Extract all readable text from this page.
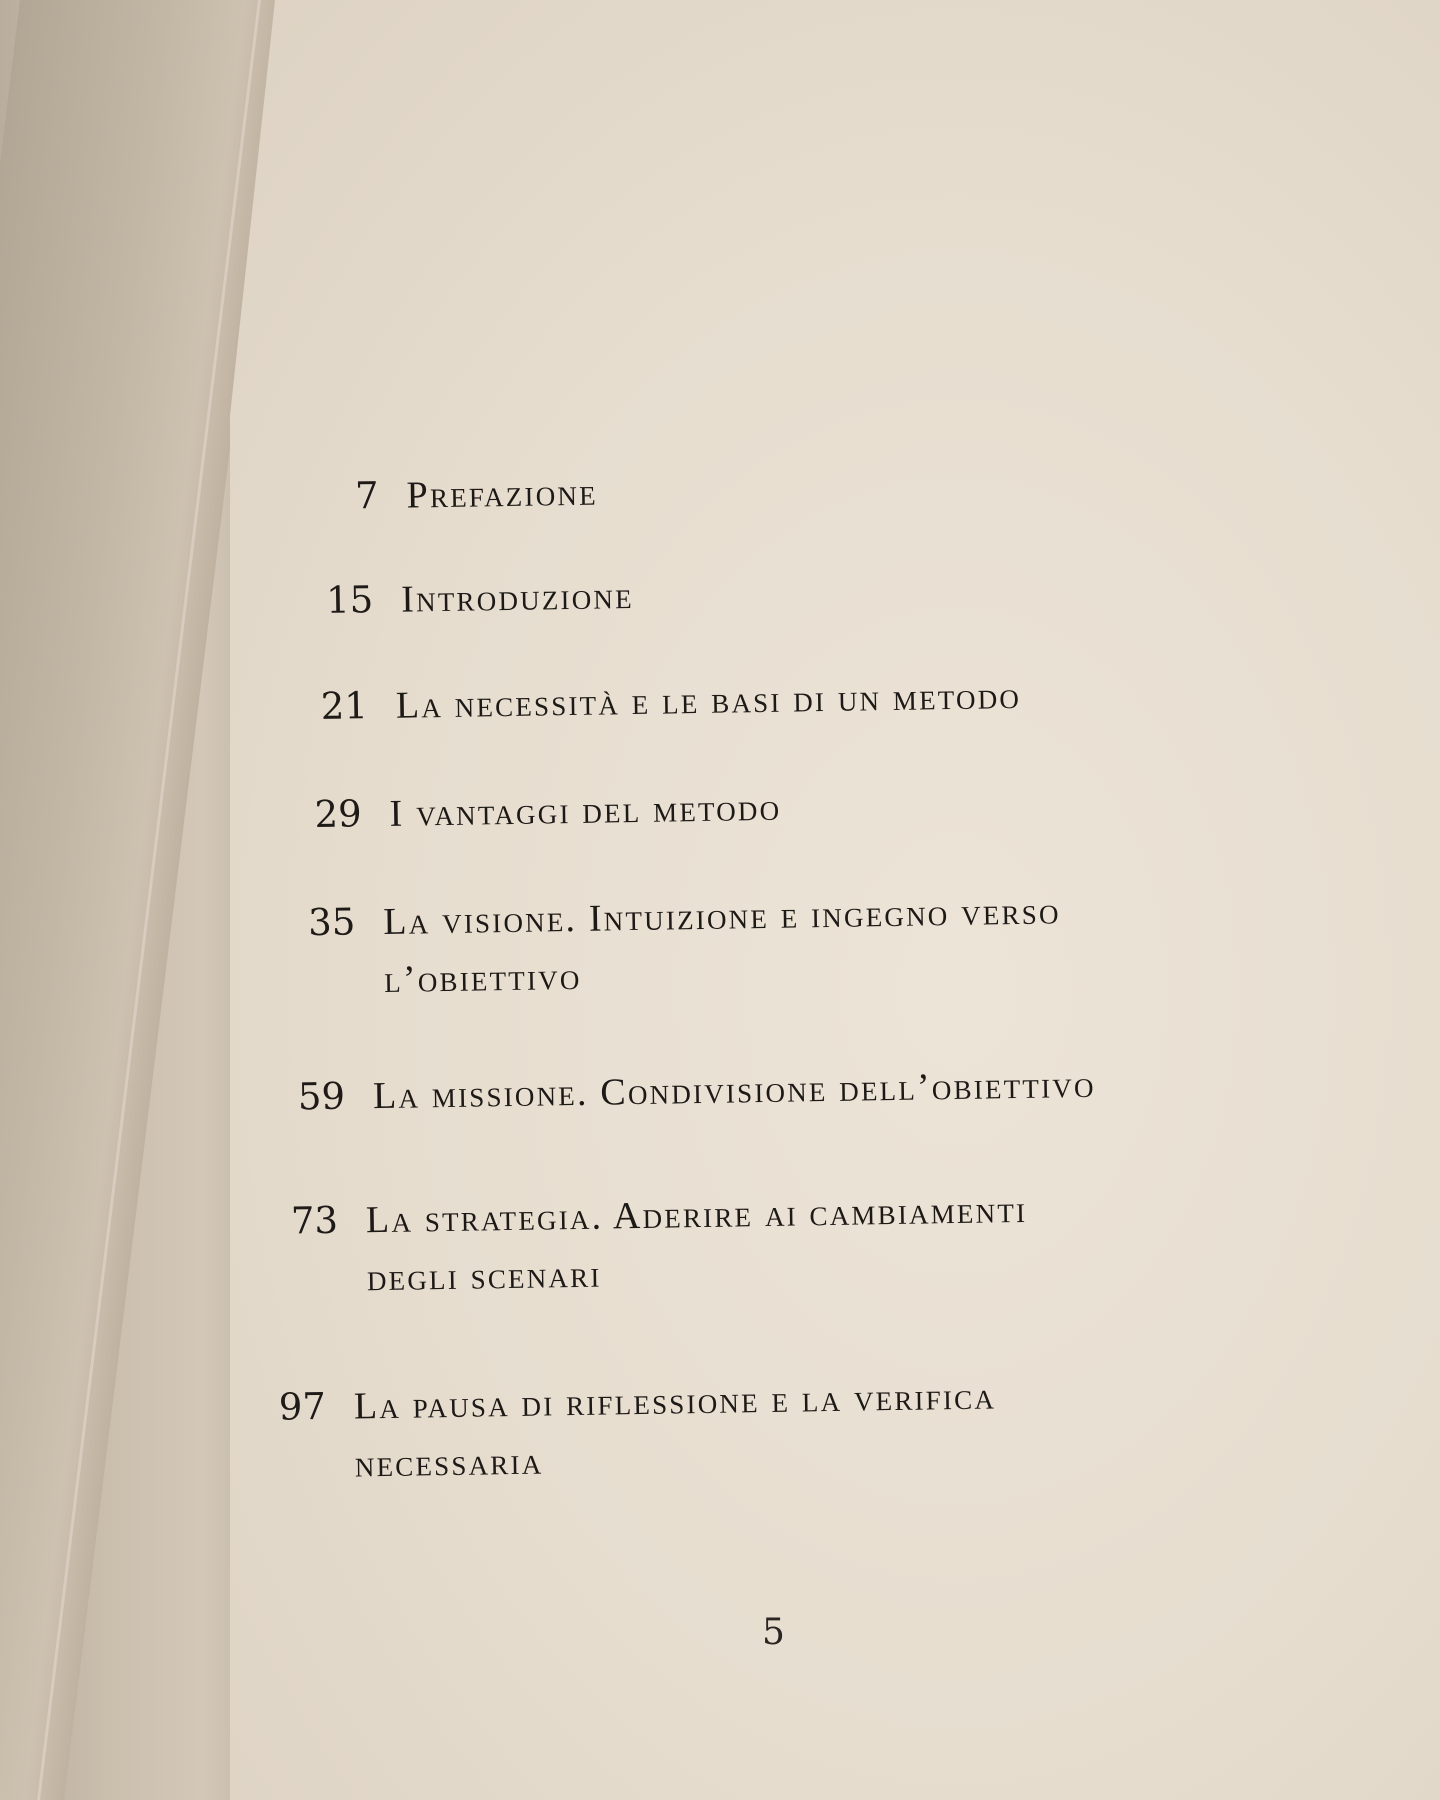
7 Prefazione
15 Introduzione
21 La necessità e le basi di un metodo
29 I vantaggi del metodo
35 La visione. Intuizione e ingegno verso
l’obiettivo
59 La missione. Condivisione dell’obiettivo
73 La strategia. Aderire ai cambiamenti
degli scenari
97 La pausa di riflessione e la verifica
necessaria
5
